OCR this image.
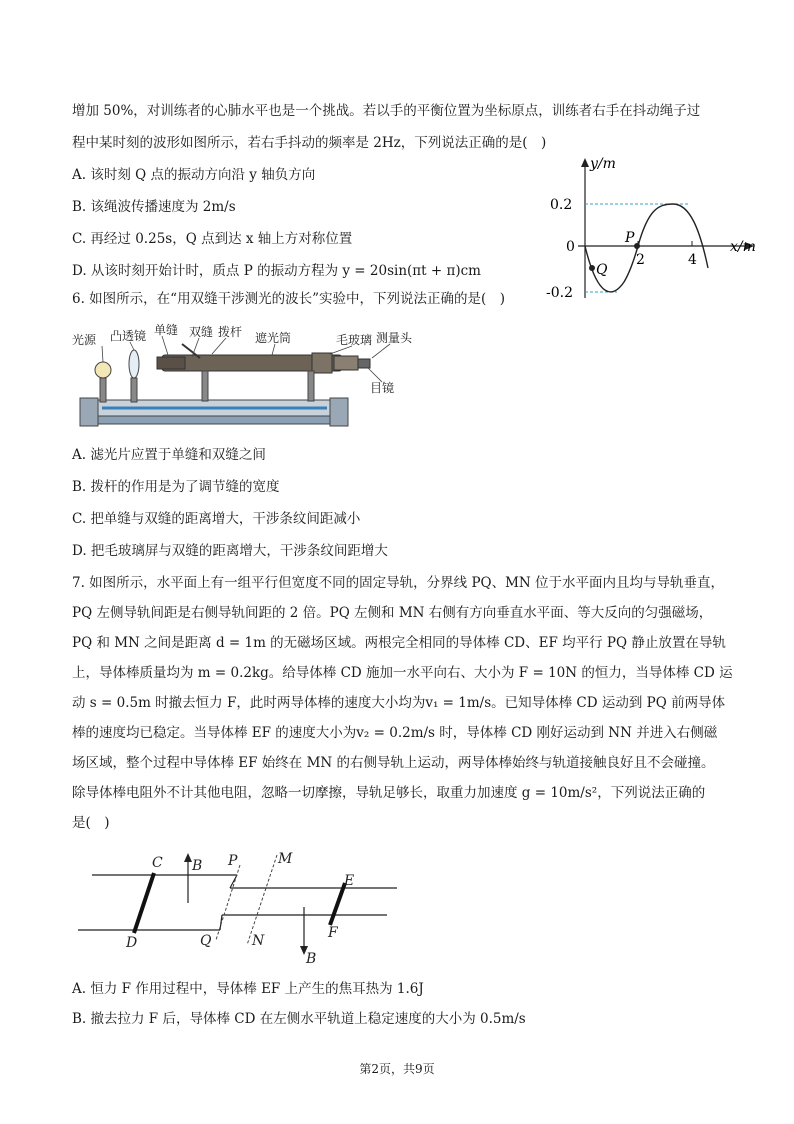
增加 50%，对训练者的心肺水平也是一个挑战。若以手的平衡位置为坐标原点，训练者右手在抖动绳子过
程中某时刻的波形如图所示，若右手抖动的频率是 2Hz，下列说法正确的是(　)
A. 该时刻 Q 点的振动方向沿 y 轴负方向
B. 该绳波传播速度为 2m/s
C. 再经过 0.25s，Q 点到达 x 轴上方对称位置
D. 从该时刻开始计时，质点 P 的振动方程为 y = 20sin(πt + π)cm
y/m
x/m
0
0.2
-0.2
2	4
P
Q
6. 如图所示，在“用双缝干涉测光的波长”实验中，下列说法正确的是(　)
光源 凸透镜 单缝 双缝 拨杆 遮光筒	毛玻璃 测量头
目镜
A. 滤光片应置于单缝和双缝之间
B. 拨杆的作用是为了调节缝的宽度
C. 把单缝与双缝的距离增大，干涉条纹间距减小
D. 把毛玻璃屏与双缝的距离增大，干涉条纹间距增大
7. 如图所示，水平面上有一组平行但宽度不同的固定导轨，分界线 PQ、MN 位于水平面内且均与导轨垂直，
PQ 左侧导轨间距是右侧导轨间距的 2 倍。PQ 左侧和 MN 右侧有方向垂直水平面、等大反向的匀强磁场，
PQ 和 MN 之间是距离 d = 1m 的无磁场区域。两根完全相同的导体棒 CD、EF 均平行 PQ 静止放置在导轨
上，导体棒质量均为 m = 0.2kg。给导体棒 CD 施加一水平向右、大小为 F = 10N 的恒力，当导体棒 CD 运
动 s = 0.5m 时撤去恒力 F，此时两导体棒的速度大小均为v₁ = 1m/s。已知导体棒 CD 运动到 PQ 前两导体
棒的速度均已稳定。当导体棒 EF 的速度大小为v₂ = 0.2m/s 时，导体棒 CD 刚好运动到 NN 并进入右侧磁
场区域，整个过程中导体棒 EF 始终在 MN 的右侧导轨上运动，两导体棒始终与轨道接触良好且不会碰撞。
除导体棒电阻外不计其他电阻，忽略一切摩擦，导轨足够长，取重力加速度 g = 10m/s²，下列说法正确的
是(　)
C
D
B P
Q
M
N
E
F
B
A. 恒力 F 作用过程中，导体棒 EF 上产生的焦耳热为 1.6J
B. 撤去拉力 F 后，导体棒 CD 在左侧水平轨道上稳定速度的大小为 0.5m/s
第2页，共9页
